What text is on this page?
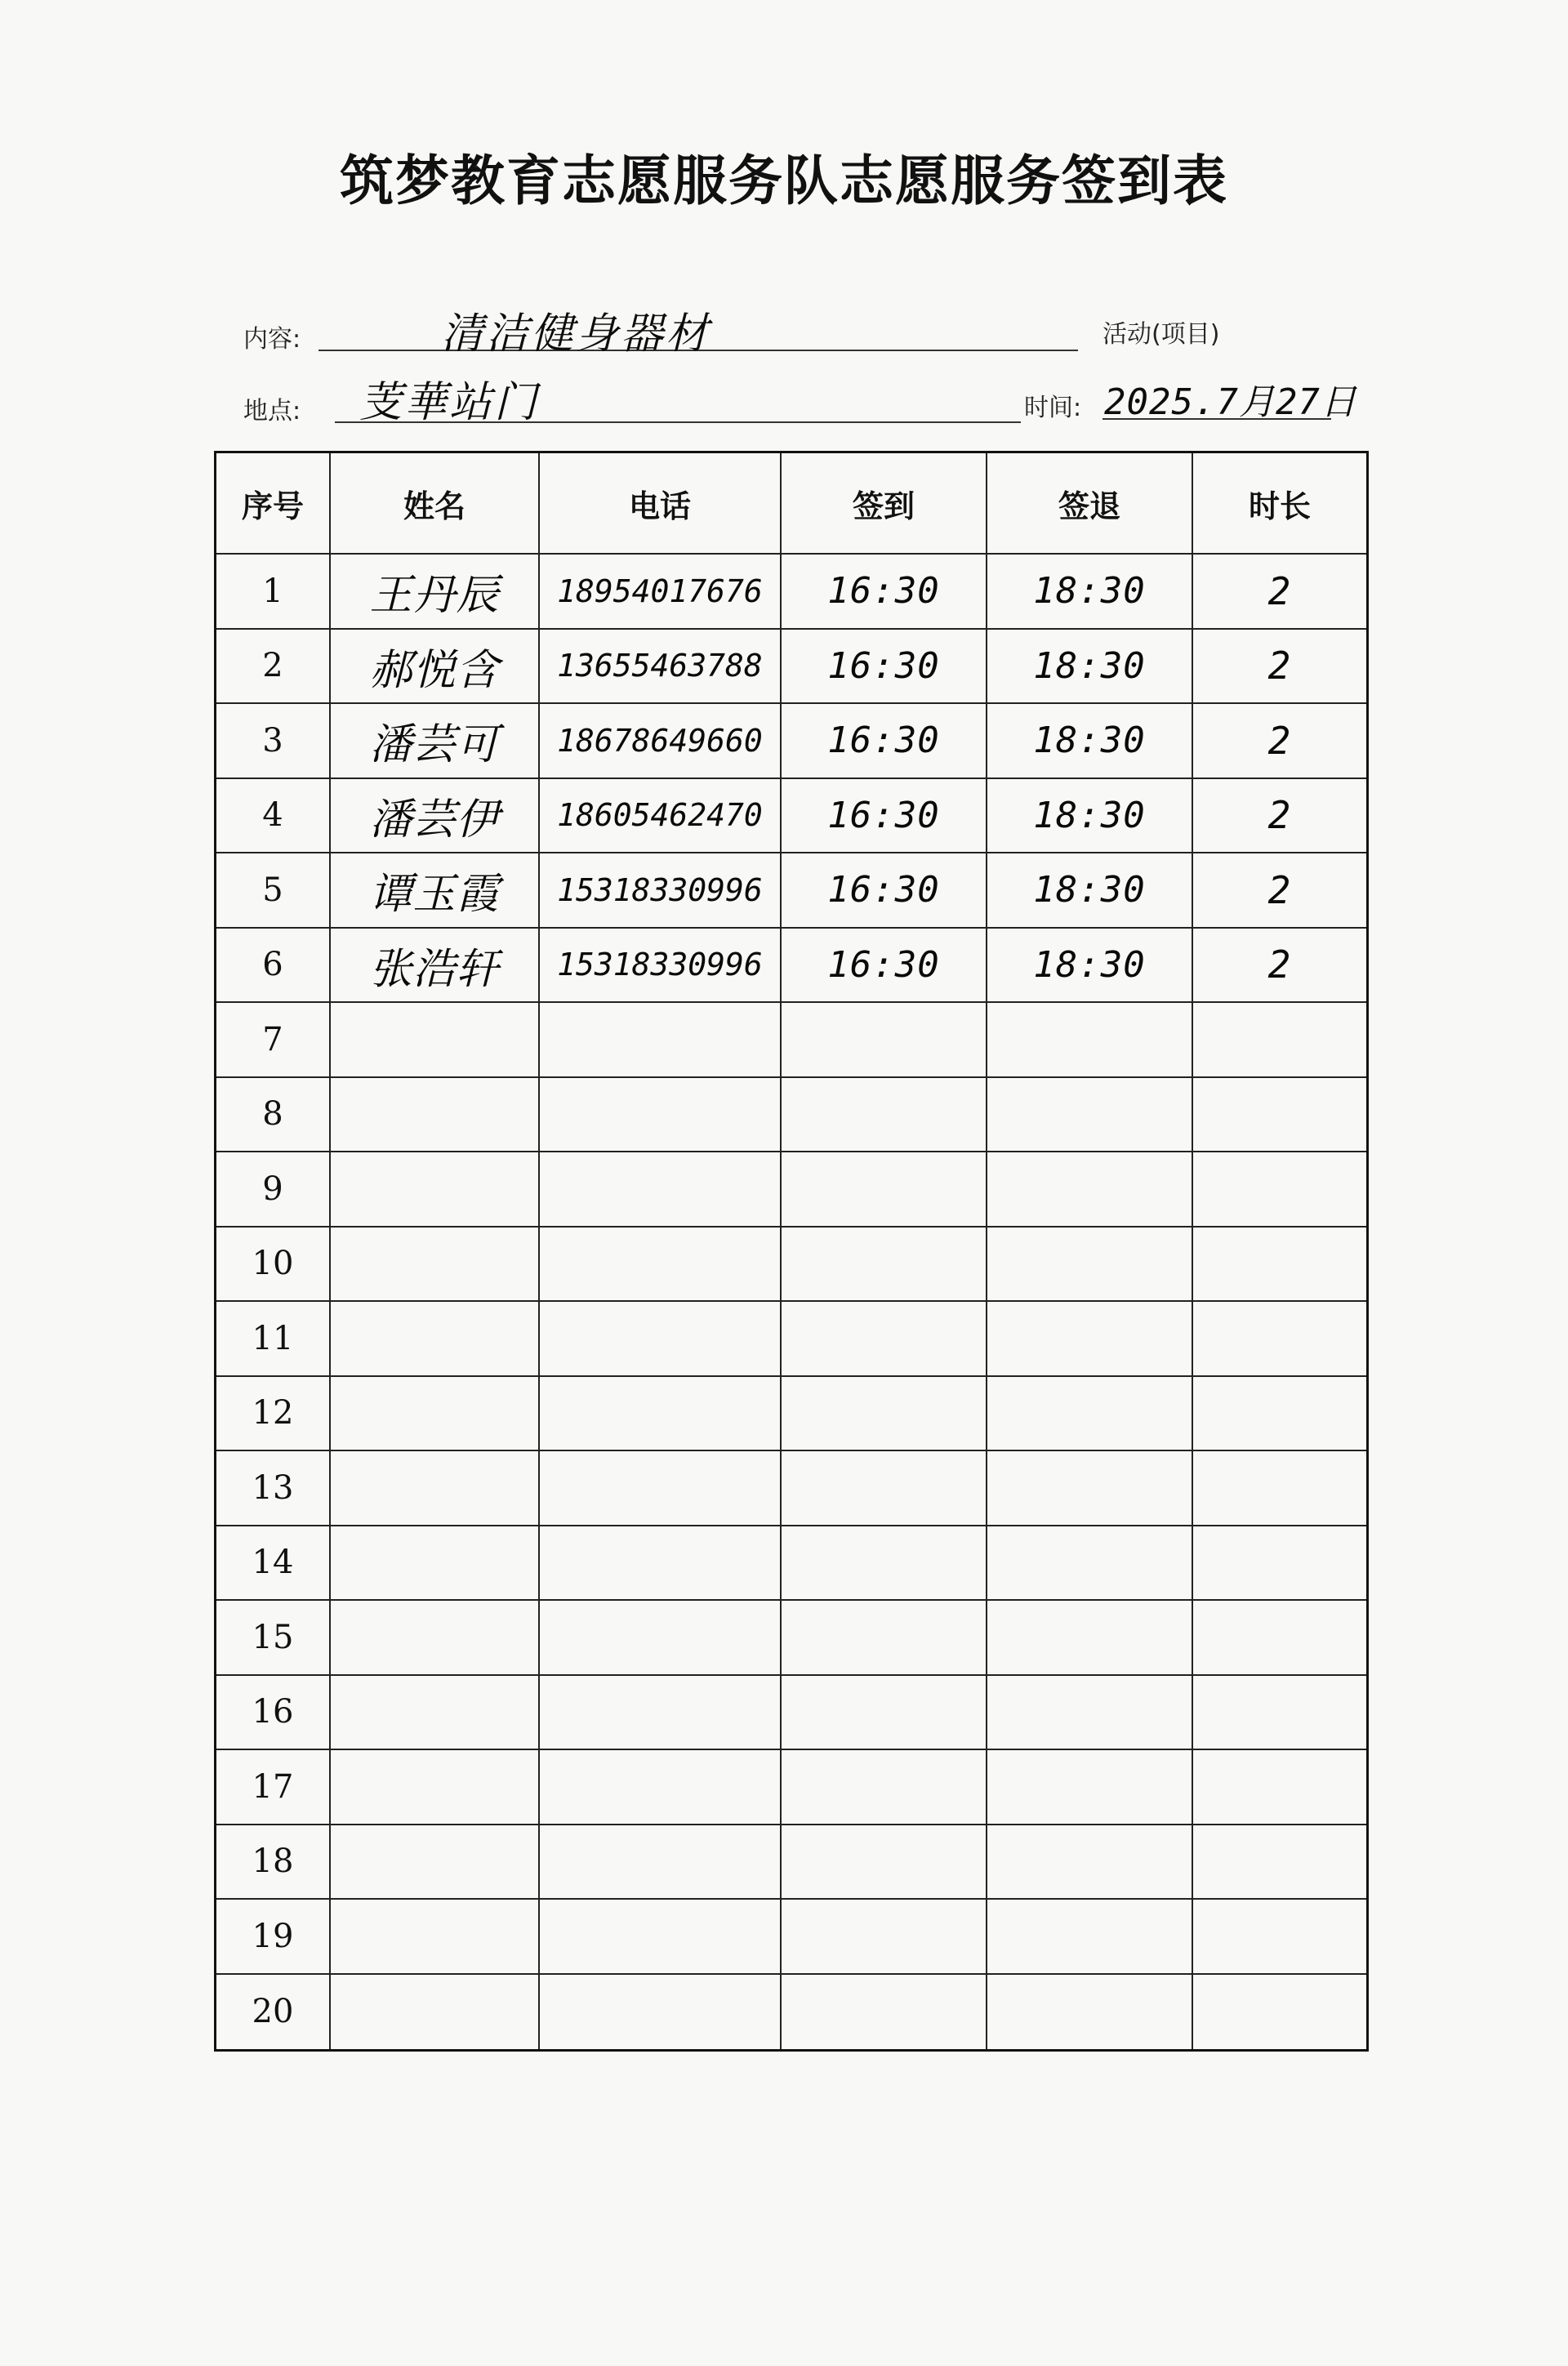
筑梦教育志愿服务队志愿服务签到表
内容:	清洁健身器材	活动(项目)
地点: 芰華站门	时间: 2025.7月27日
序号	姓名	电话	签到	签退	时长
1	王丹辰	18954017676	16:30	18:30	2
2	郝悦含	13655463788	16:30	18:30	2
3	潘芸可	18678649660	16:30	18:30	2
4	潘芸伊	18605462470	16:30	18:30	2
5	谭玉霞	15318330996	16:30	18:30	2
6	张浩轩	15318330996	16:30	18:30	2
7
8
9
10
11
12
13
14
15
16
17
18
19
20
